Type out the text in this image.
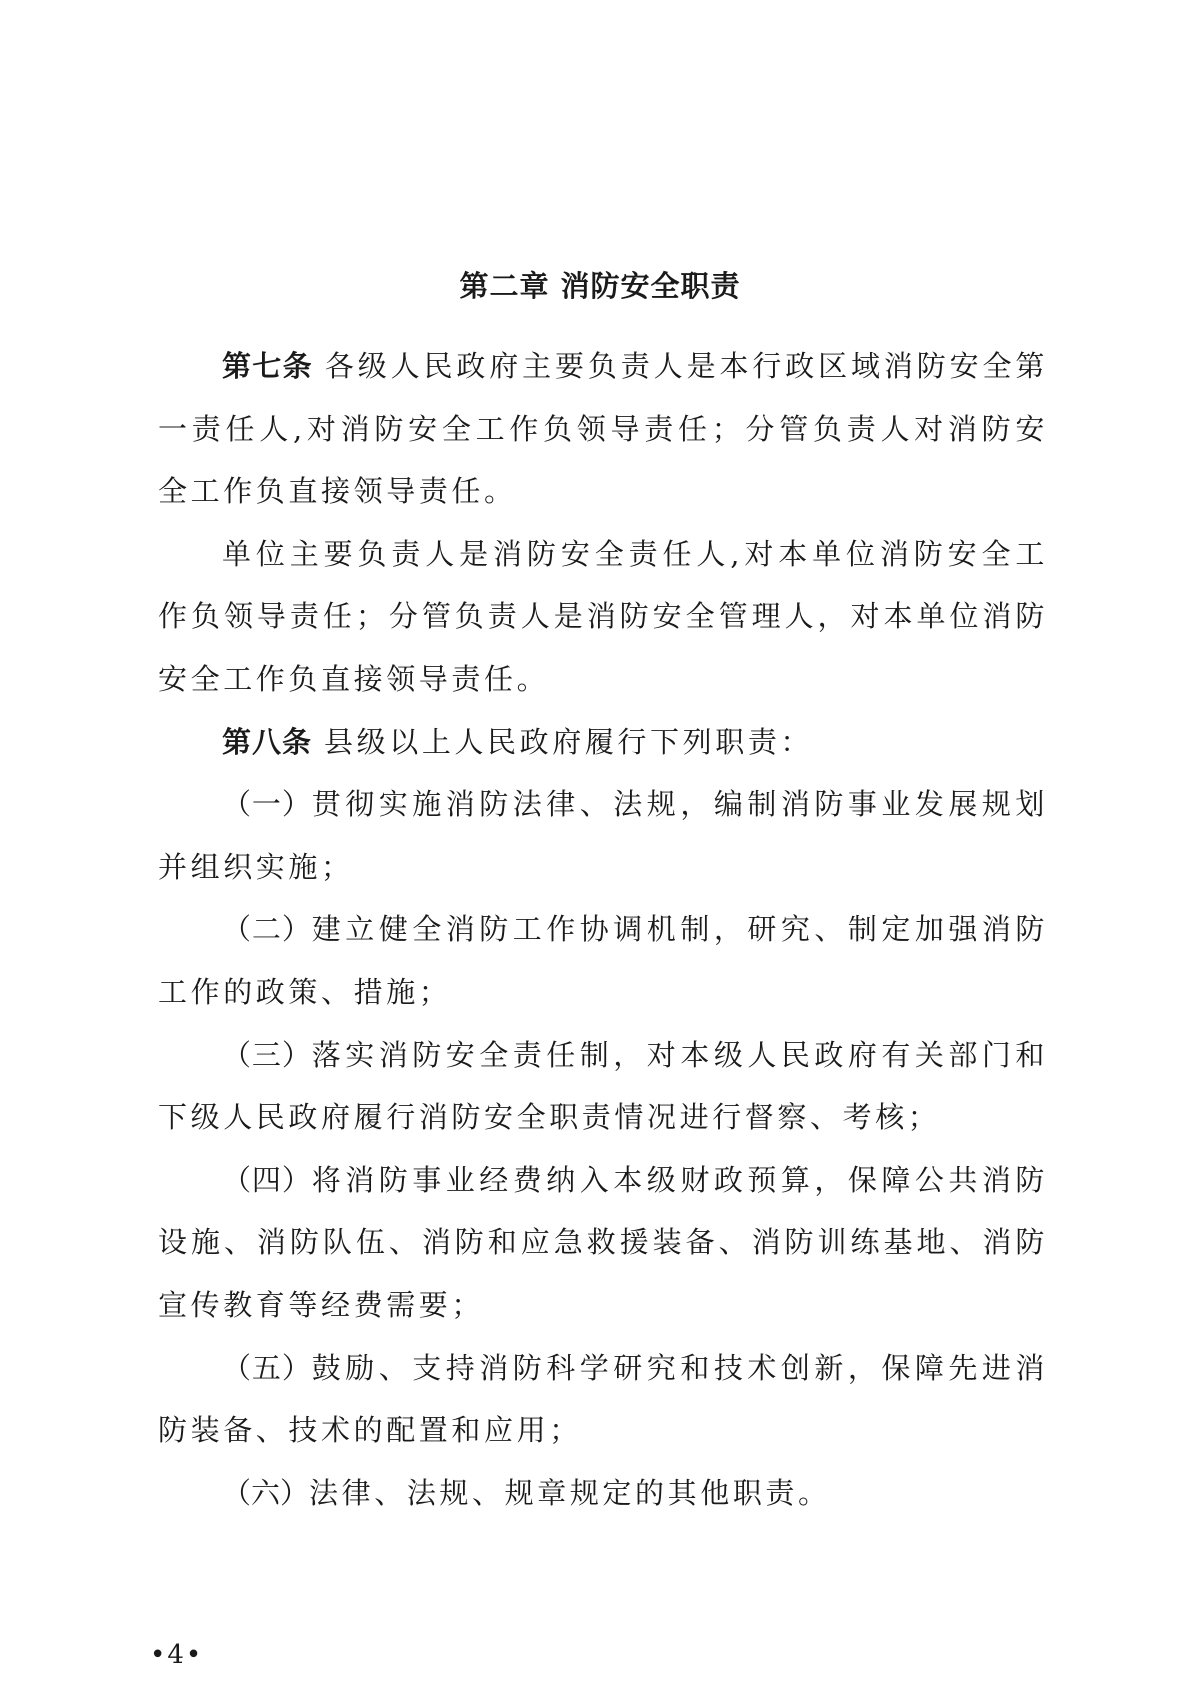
第二章 消防安全职责

第七条 各级人民政府主要负责人是本行政区域消防安全第一责任人,对消防安全工作负领导责任；分管负责人对消防安全工作负直接领导责任。

单位主要负责人是消防安全责任人,对本单位消防安全工作负领导责任；分管负责人是消防安全管理人，对本单位消防安全工作负直接领导责任。

第八条 县级以上人民政府履行下列职责：

（一）贯彻实施消防法律、法规，编制消防事业发展规划并组织实施；

（二）建立健全消防工作协调机制，研究、制定加强消防工作的政策、措施；

（三）落实消防安全责任制，对本级人民政府有关部门和下级人民政府履行消防安全职责情况进行督察、考核；

（四）将消防事业经费纳入本级财政预算，保障公共消防设施、消防队伍、消防和应急救援装备、消防训练基地、消防宣传教育等经费需要；

（五）鼓励、支持消防科学研究和技术创新，保障先进消防装备、技术的配置和应用；

（六）法律、法规、规章规定的其他职责。

•4•
